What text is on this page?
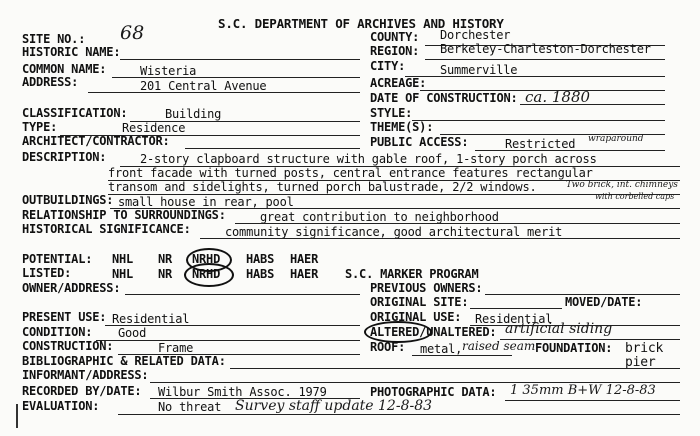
S.C. DEPARTMENT OF ARCHIVES AND HISTORY
SITE NO.: 68	COUNTY: Dorchester
HISTORIC NAME:	REGION: Berkeley-Charleston-Dorchester
COMMON NAME:	Wisteria	CITY:	Summerville
ADDRESS:	201 Central Avenue	ACREAGE:
DATE OF CONSTRUCTION: ca. 1880
CLASSIFICATION:	Building	STYLE:
TYPE:	Residence	THEME(S):
ARCHITECT/CONTRACTOR:	PUBLIC ACCESS:	Restricted wraparound
DESCRIPTION:	2-story clapboard structure with gable roof, 1-story porch across
front facade with turned posts, central entrance features rectangular
transom and sidelights, turned porch balustrade, 2/2 windows.	Two brick, int. chimneys
with corbelled caps
OUTBUILDINGS: small house in rear, pool
RELATIONSHIP TO SURROUNDINGS:	great contribution to neighborhood
HISTORICAL SIGNIFICANCE:	community significance, good architectural merit
POTENTIAL: NHL NR NRHD HABS HAER
LISTED:	NHL NR NRHD HABS HAER S.C. MARKER PROGRAM
OWNER/ADDRESS:	PREVIOUS OWNERS:
ORIGINAL SITE:	MOVED/DATE:
PRESENT USE: Residential	ORIGINAL USE: Residential
CONDITION: Good	ALTERED/UNALTERED: artificial siding
CONSTRUCTION:	Frame	ROOF: metal, raised seam FOUNDATION: brick
pier
BIBLIOGRAPHIC & RELATED DATA:
INFORMANT/ADDRESS:
RECORDED BY/DATE: Wilbur Smith Assoc. 1979	PHOTOGRAPHIC DATA: 1 35mm B+W 12-8-83
EVALUATION:	No threat Survey staff update 12-8-83
